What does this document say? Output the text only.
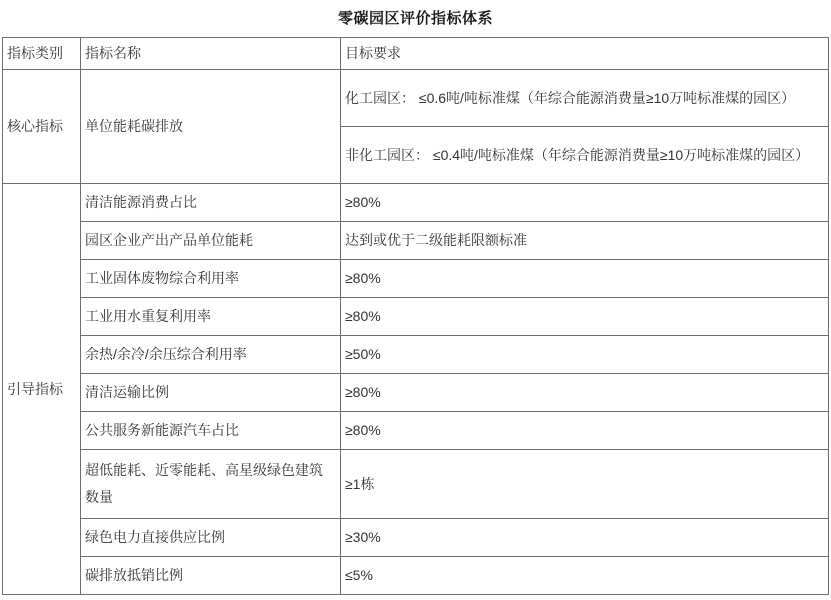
零碳园区评价指标体系
指标类别	指标名称	目标要求
核心指标	单位能耗碳排放	化工园区： ≤0.6吨/吨标准煤（年综合能源消费量≥10万吨标准煤的园区）
		非化工园区： ≤0.4吨/吨标准煤（年综合能源消费量≥10万吨标准煤的园区）
引导指标	清洁能源消费占比	≥80%
	园区企业产出产品单位能耗	达到或优于二级能耗限额标准
	工业固体废物综合利用率	≥80%
	工业用水重复利用率	≥80%
	余热/余冷/余压综合利用率	≥50%
	清洁运输比例	≥80%
	公共服务新能源汽车占比	≥80%
	超低能耗、近零能耗、高星级绿色建筑数量	≥1栋
	绿色电力直接供应比例	≥30%
	碳排放抵销比例	≤5%
